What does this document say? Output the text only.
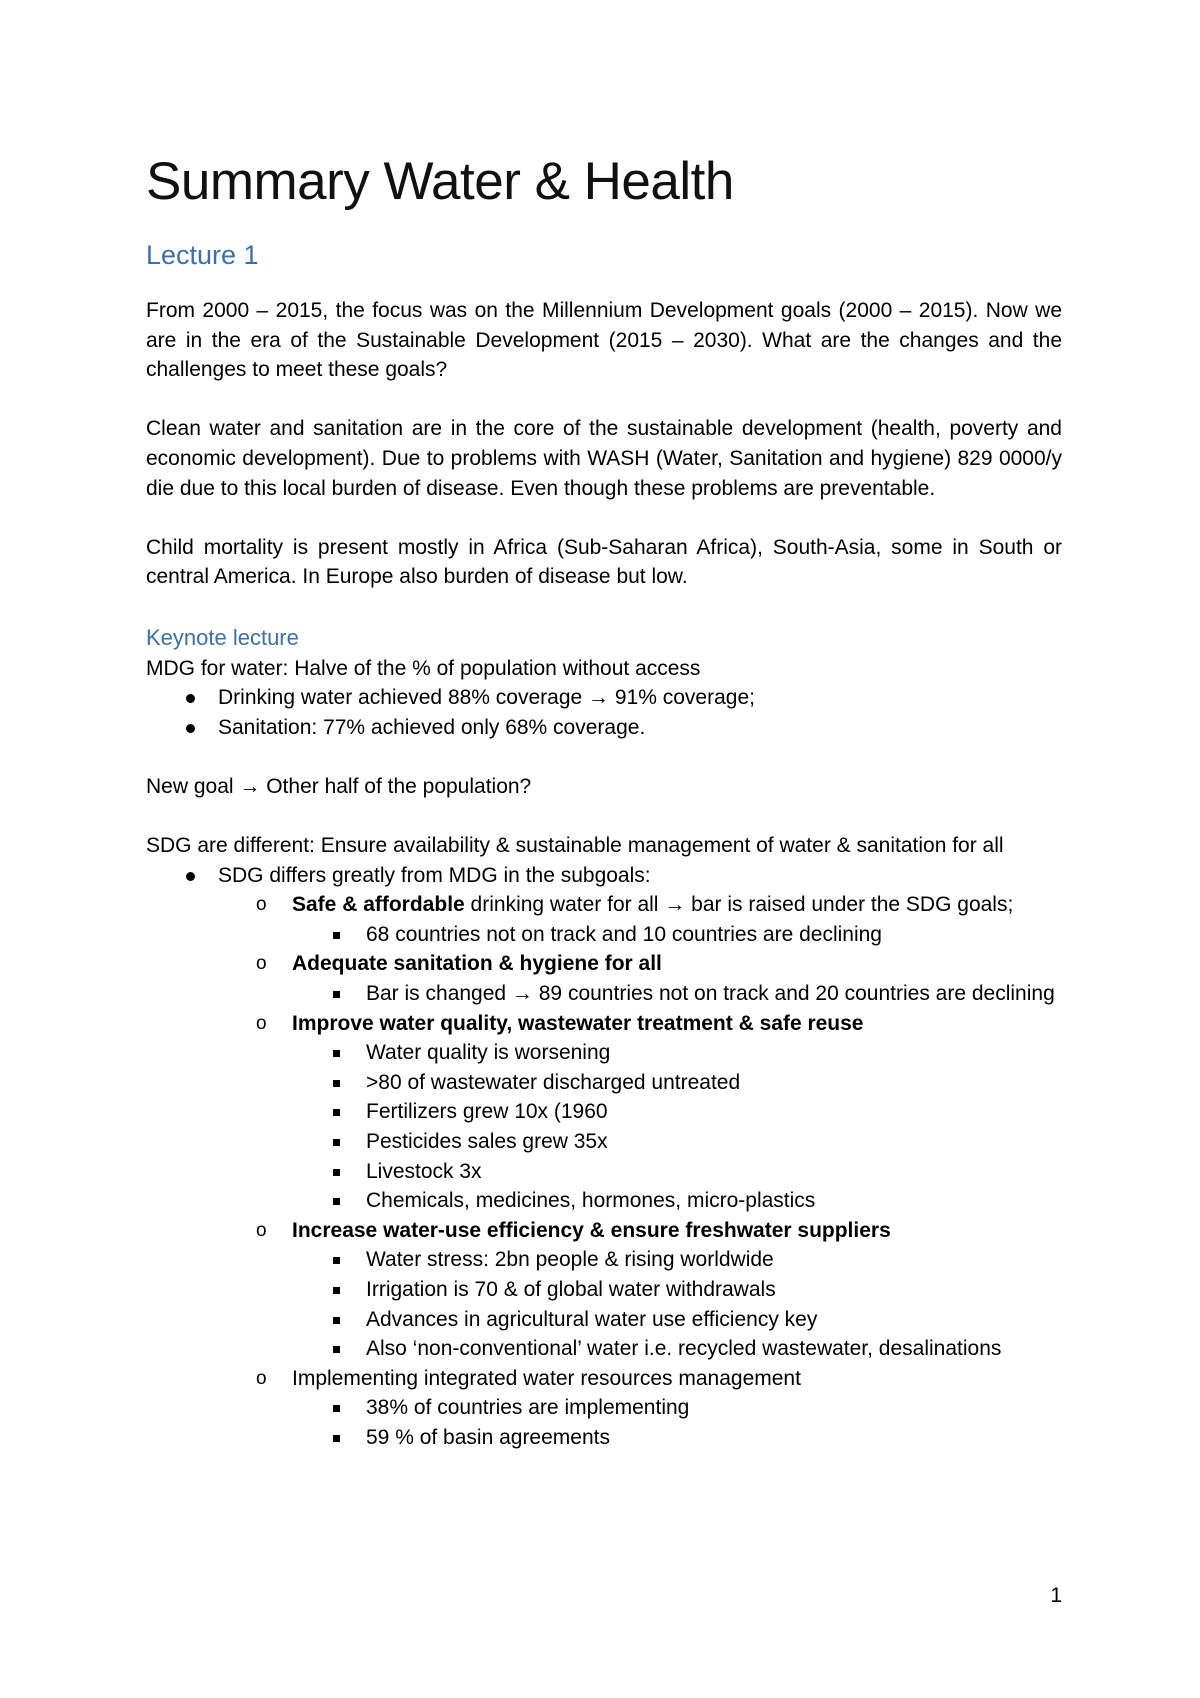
Summary Water & Health
Lecture 1

From 2000 – 2015, the focus was on the Millennium Development goals (2000 – 2015). Now we are in the era of the Sustainable Development (2015 – 2030). What are the changes and the challenges to meet these goals?

Clean water and sanitation are in the core of the sustainable development (health, poverty and economic development). Due to problems with WASH (Water, Sanitation and hygiene) 829 0000/y die due to this local burden of disease. Even though these problems are preventable.

Child mortality is present mostly in Africa (Sub-Saharan Africa), South-Asia, some in South or central America. In Europe also burden of disease but low.

Keynote lecture

MDG for water: Halve of the % of population without access

Drinking water achieved 88% coverage → 91% coverage;
Sanitation: 77% achieved only 68% coverage.

New goal → Other half of the population?

SDG are different: Ensure availability & sustainable management of water & sanitation for all

SDG differs greatly from MDG in the subgoals:
o Safe & affordable drinking water for all → bar is raised under the SDG goals;
68 countries not on track and 10 countries are declining
o Adequate sanitation & hygiene for all
Bar is changed → 89 countries not on track and 20 countries are declining
o Improve water quality, wastewater treatment & safe reuse
Water quality is worsening
>80 of wastewater discharged untreated
Fertilizers grew 10x (1960
Pesticides sales grew 35x
Livestock 3x
Chemicals, medicines, hormones, micro-plastics
o Increase water-use efficiency & ensure freshwater suppliers
Water stress: 2bn people & rising worldwide
Irrigation is 70 & of global water withdrawals
Advances in agricultural water use efficiency key
Also ‘non-conventional’ water i.e. recycled wastewater, desalinations
o Implementing integrated water resources management
38% of countries are implementing
59 % of basin agreements
1
